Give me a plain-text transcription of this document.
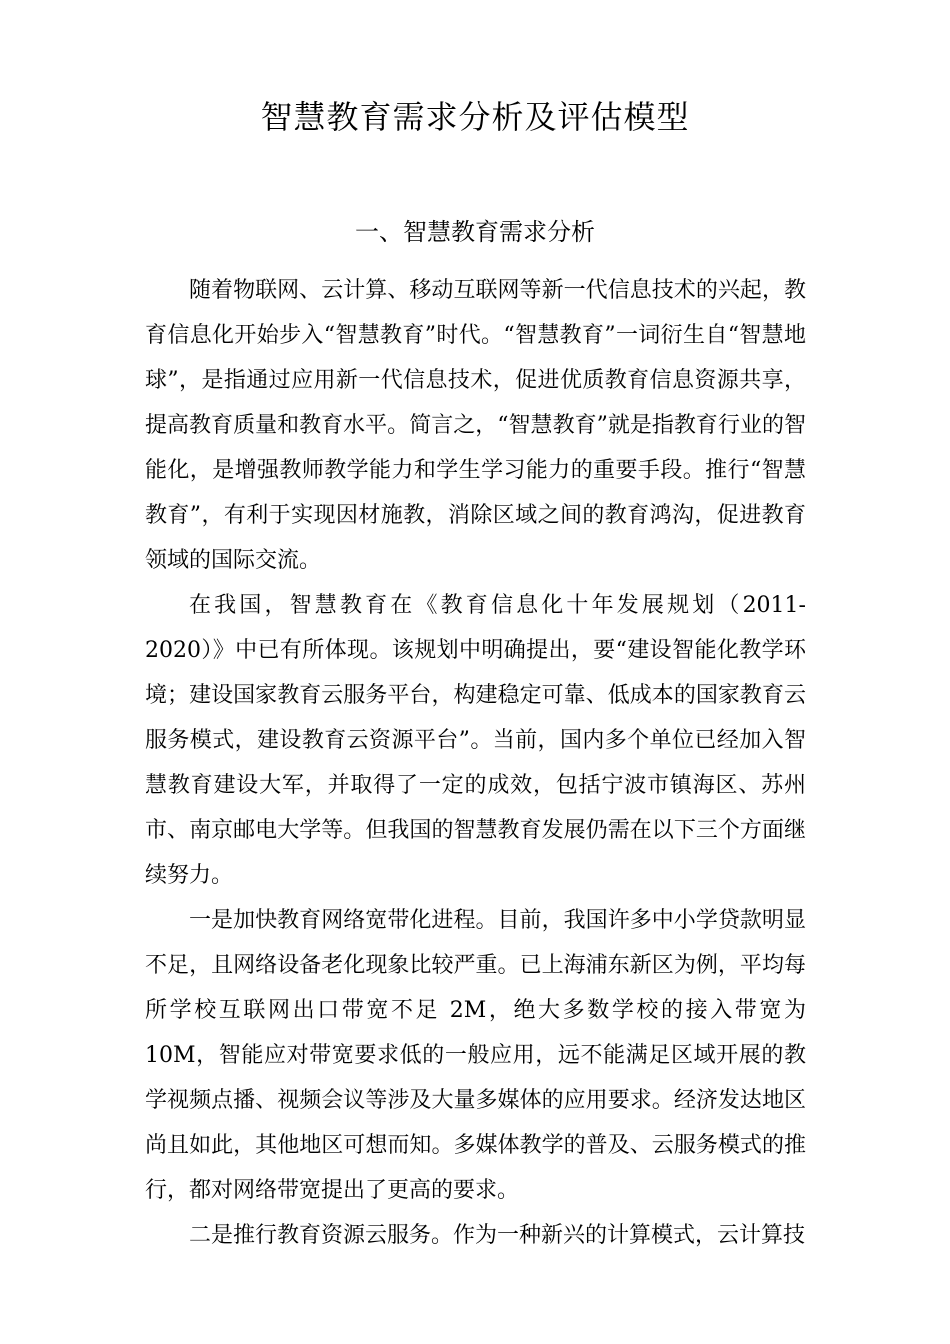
智慧教育需求分析及评估模型
一、智慧教育需求分析

随着物联网、云计算、移动互联网等新一代信息技术的兴起，教育信息化开始步入“智慧教育”时代。“智慧教育”一词衍生自“智慧地球”，是指通过应用新一代信息技术，促进优质教育信息资源共享，提高教育质量和教育水平。简言之，“智慧教育”就是指教育行业的智能化，是增强教师教学能力和学生学习能力的重要手段。推行“智慧教育”，有利于实现因材施教，消除区域之间的教育鸿沟，促进教育领域的国际交流。

在我国，智慧教育在《教育信息化十年发展规划（2011-2020）》中已有所体现。该规划中明确提出，要“建设智能化教学环境；建设国家教育云服务平台，构建稳定可靠、低成本的国家教育云服务模式，建设教育云资源平台”。当前，国内多个单位已经加入智慧教育建设大军，并取得了一定的成效，包括宁波市镇海区、苏州市、南京邮电大学等。但我国的智慧教育发展仍需在以下三个方面继续努力。

一是加快教育网络宽带化进程。目前，我国许多中小学贷款明显不足，且网络设备老化现象比较严重。已上海浦东新区为例，平均每所学校互联网出口带宽不足 2M，绝大多数学校的接入带宽为 10M，智能应对带宽要求低的一般应用，远不能满足区域开展的教学视频点播、视频会议等涉及大量多媒体的应用要求。经济发达地区尚且如此，其他地区可想而知。多媒体教学的普及、云服务模式的推行，都对网络带宽提出了更高的要求。

二是推行教育资源云服务。作为一种新兴的计算模式，云计算技
